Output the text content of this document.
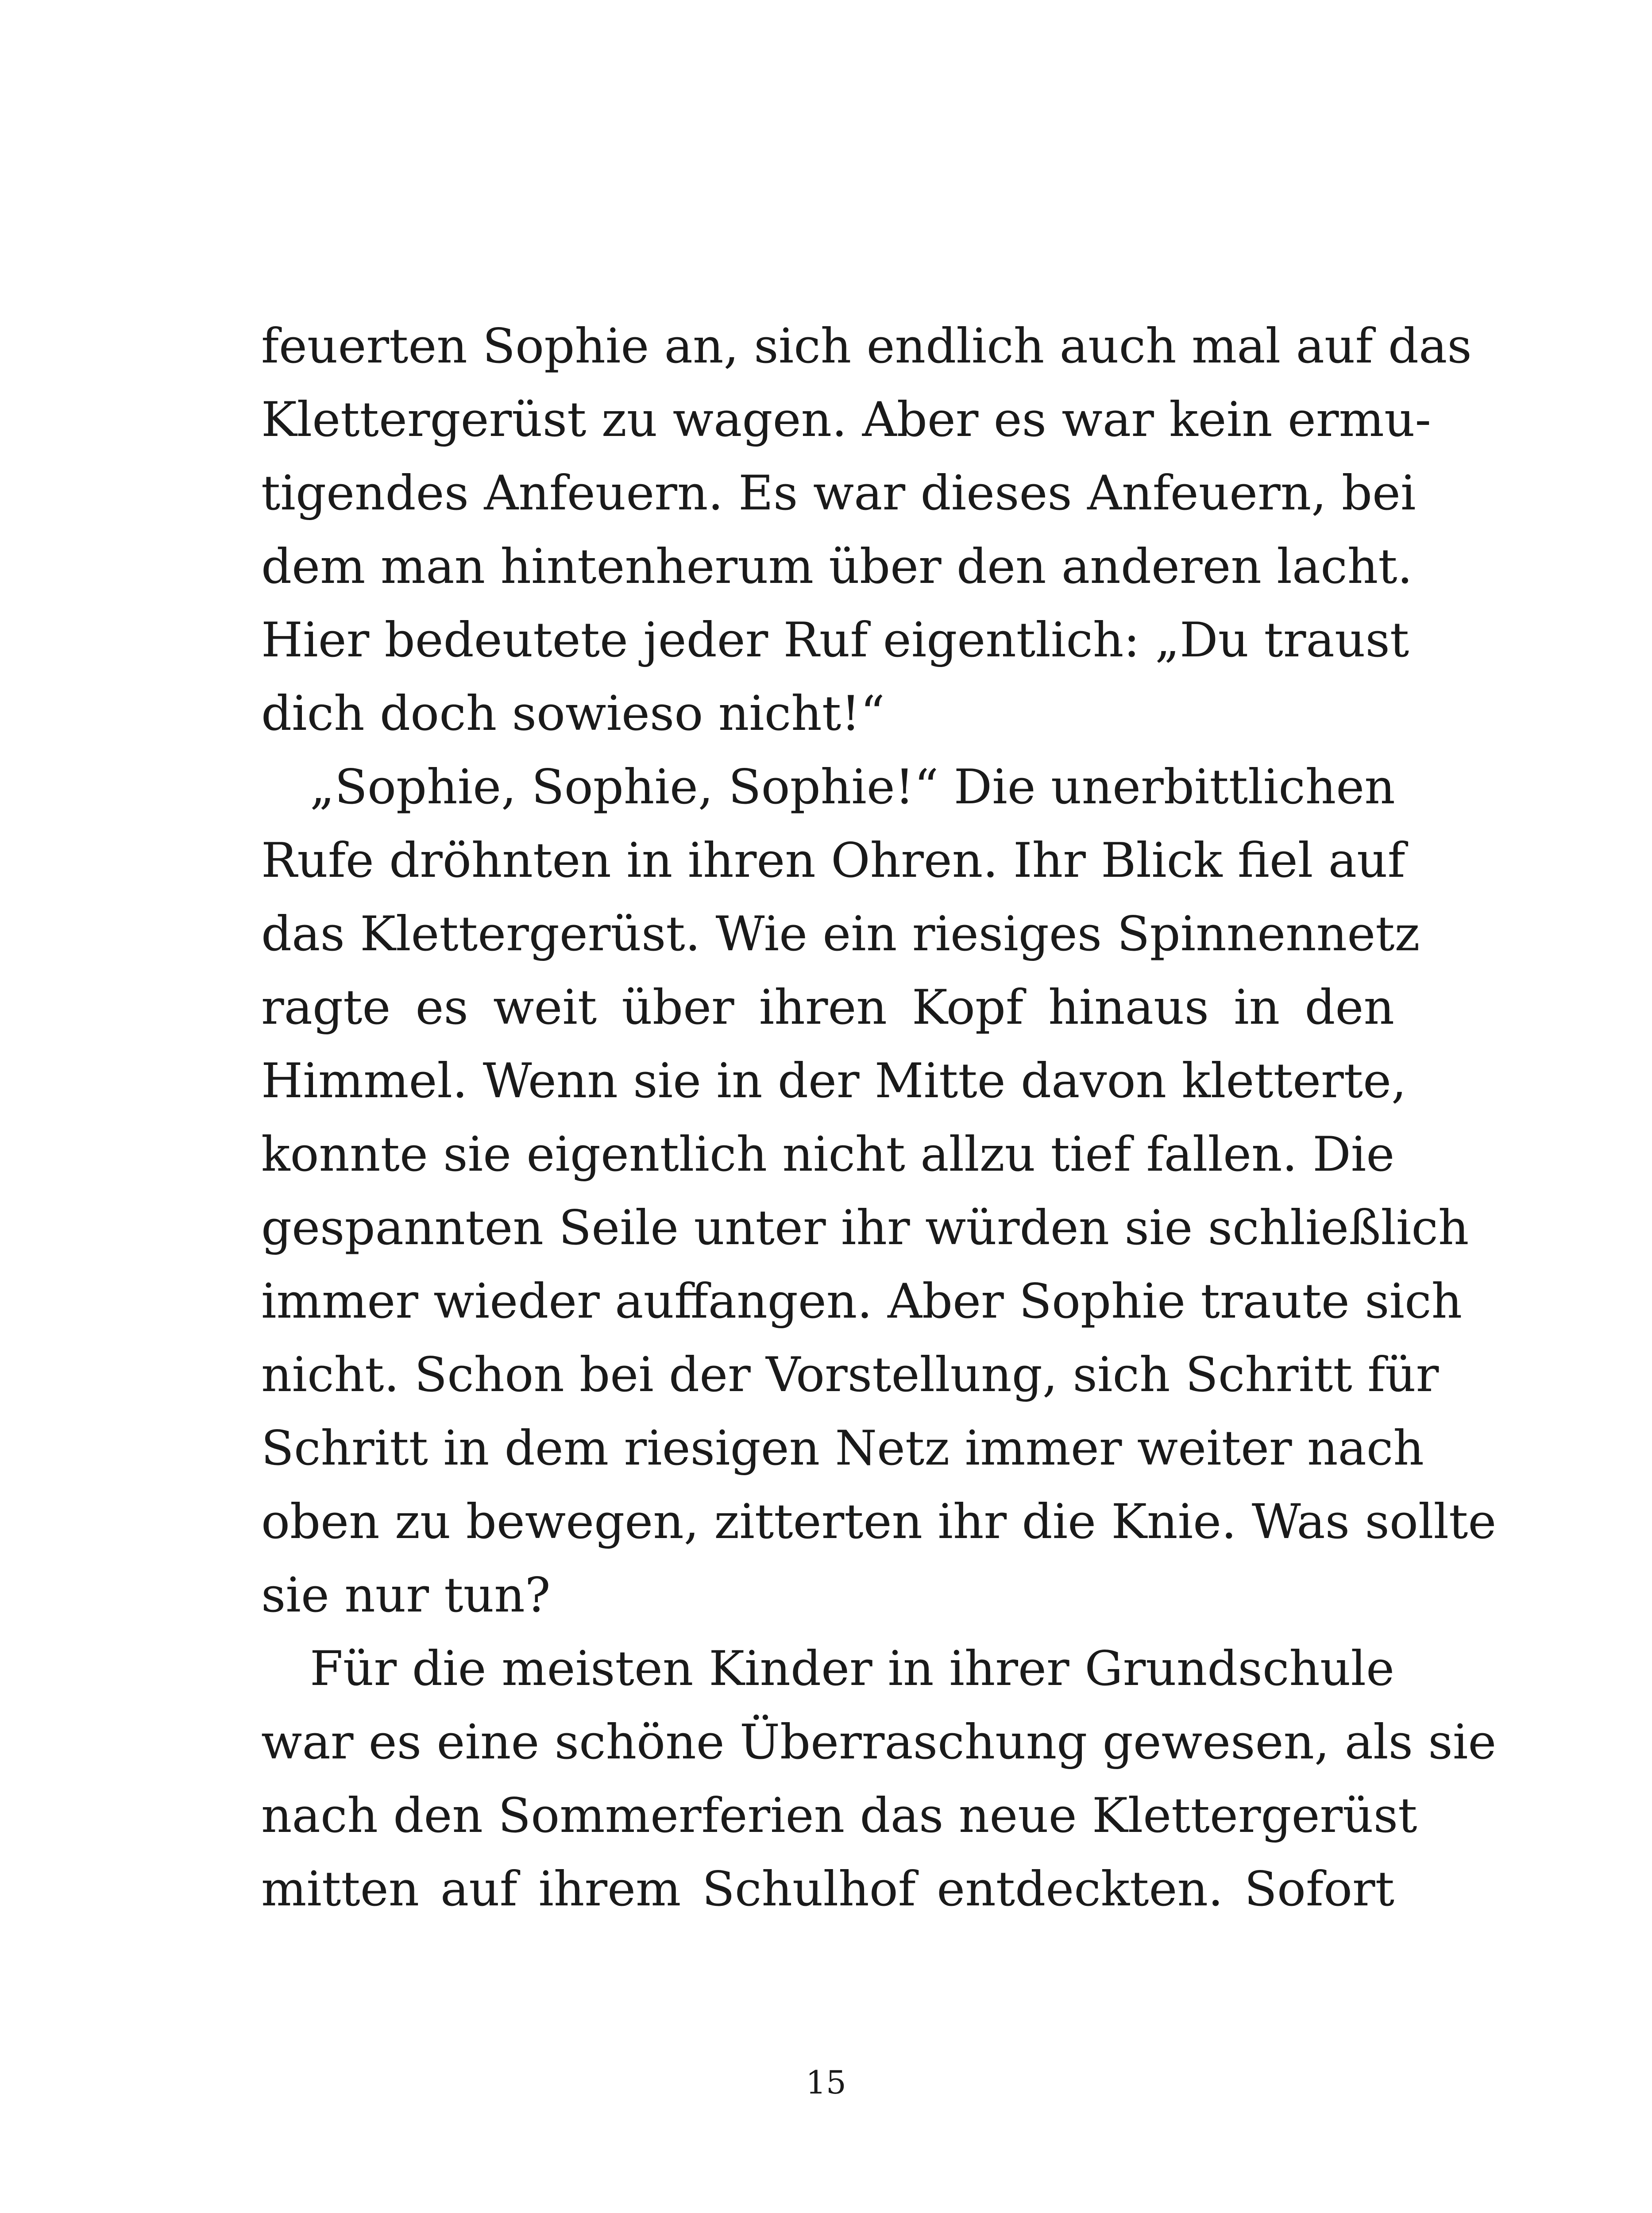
feuerten Sophie an, sich endlich auch mal auf das
Klettergerüst zu wagen. Aber es war kein ermu-
tigendes Anfeuern. Es war dieses Anfeuern, bei
dem man hintenherum über den anderen lacht.
Hier bedeutete jeder Ruf eigentlich: „Du traust
dich doch sowieso nicht!“
„Sophie, Sophie, Sophie!“ Die unerbittlichen
Rufe dröhnten in ihren Ohren. Ihr Blick fiel auf
das Klettergerüst. Wie ein riesiges Spinnennetz
ragte es weit über ihren Kopf hinaus in den
Himmel. Wenn sie in der Mitte davon kletterte,
konnte sie eigentlich nicht allzu tief fallen. Die
gespannten Seile unter ihr würden sie schließlich
immer wieder auffangen. Aber Sophie traute sich
nicht. Schon bei der Vorstellung, sich Schritt für
Schritt in dem riesigen Netz immer weiter nach
oben zu bewegen, zitterten ihr die Knie. Was sollte
sie nur tun?
Für die meisten Kinder in ihrer Grundschule
war es eine schöne Überraschung gewesen, als sie
nach den Sommerferien das neue Klettergerüst
mitten auf ihrem Schulhof entdeckten. Sofort
15
